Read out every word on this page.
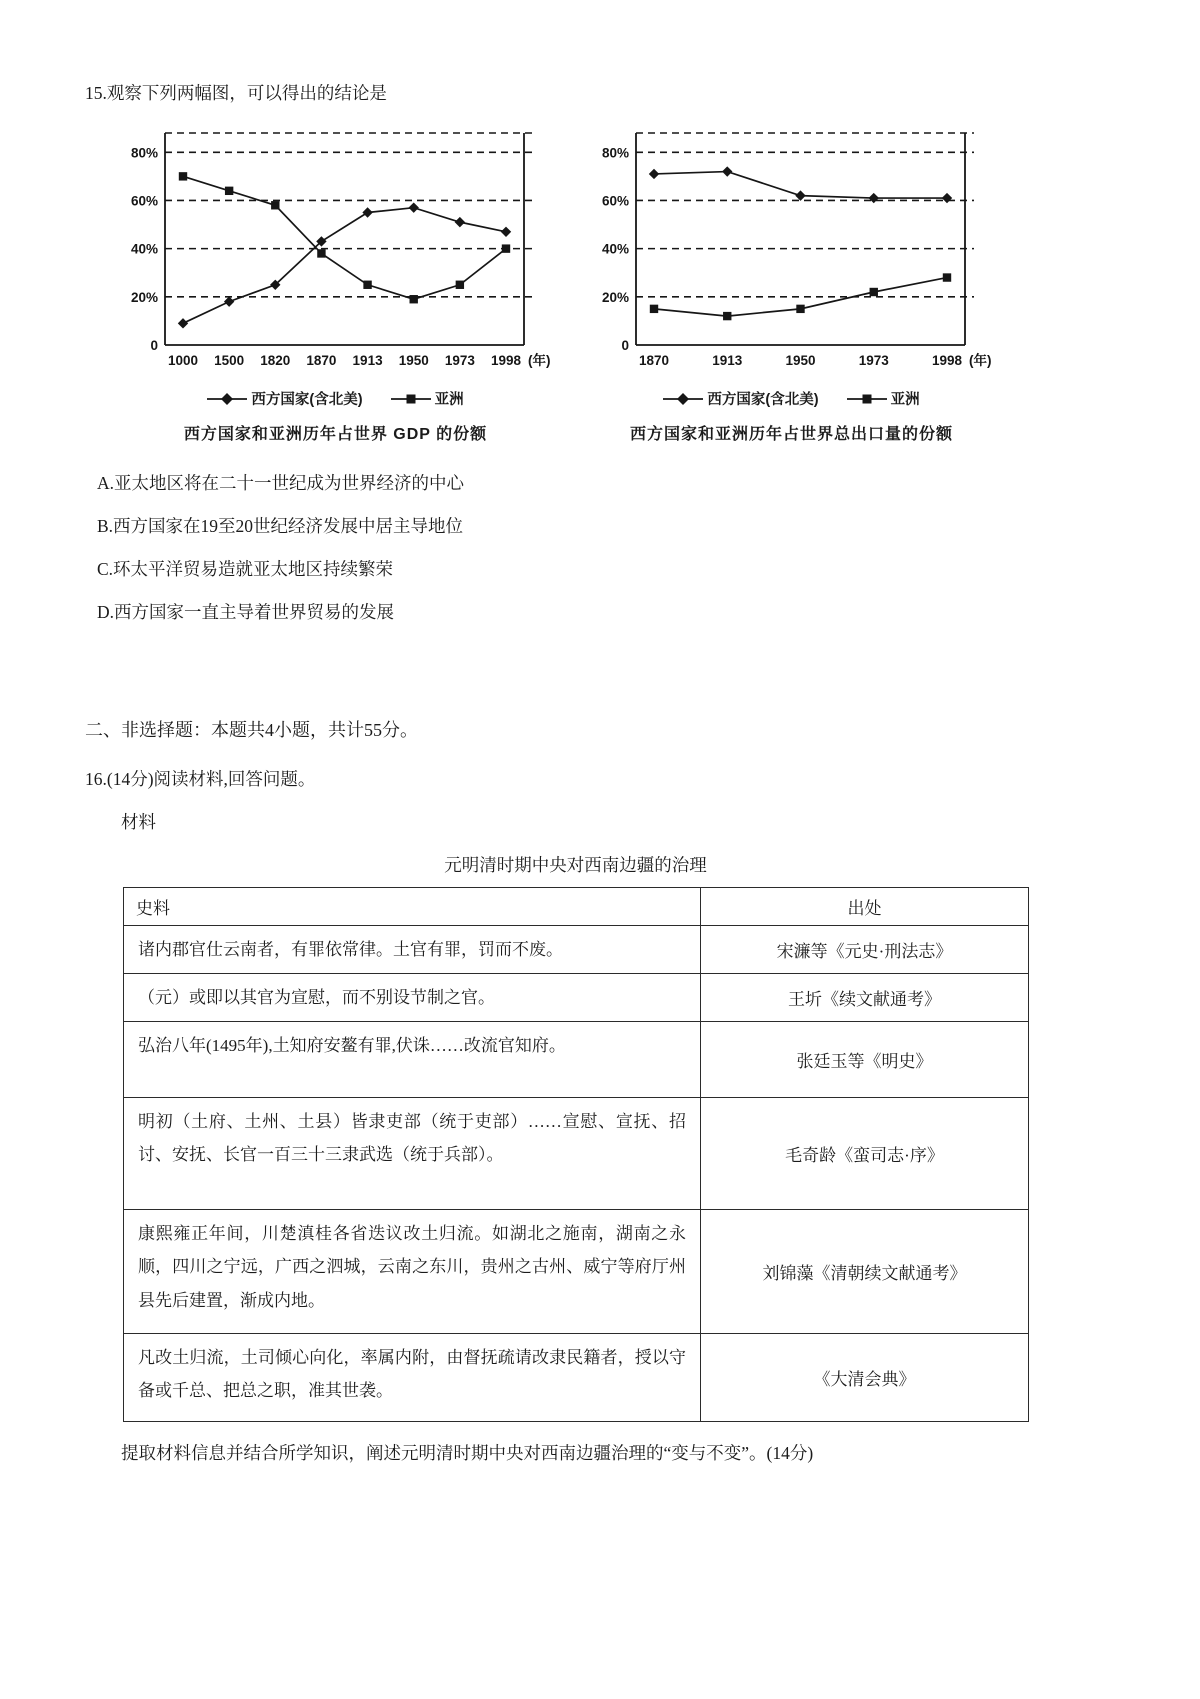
15.观察下列两幅图，可以得出的结论是
0
20%
40%
60%
80%
1000 1500 1820 1870 1913 1950 1973 1998 (年)
西方国家(含北美)	亚洲
西方国家和亚洲历年占世界 GDP 的份额
0
20%
40%
60%
80%
1870	1913	1950	1973	1998 (年)
西方国家(含北美)	亚洲
西方国家和亚洲历年占世界总出口量的份额
A.亚太地区将在二十一世纪成为世界经济的中心
B.西方国家在19至20世纪经济发展中居主导地位
C.环太平洋贸易造就亚太地区持续繁荣
D.西方国家一直主导着世界贸易的发展
二、非选择题：本题共4小题，共计55分。
16.(14分)阅读材料,回答问题。
材料
元明清时期中央对西南边疆的治理
史料	出处
诸内郡官仕云南者，有罪依常律。土官有罪，罚而不废。	宋濂等《元史·刑法志》
（元）或即以其官为宣慰，而不别设节制之官。	王圻《续文献通考》
弘治八年(1495年),土知府安鳌有罪,伏诛……改流官知府。	张廷玉等《明史》
明初（土府、土州、土县）皆隶吏部（统于吏部）……宣慰、宣抚、招讨、安抚、长官一百三十三隶武选（统于兵部）。	毛奇龄《蛮司志·序》
康熙雍正年间，川楚滇桂各省迭议改土归流。如湖北之施南，湖南之永顺，四川之宁远，广西之泗城，云南之东川，贵州之古州、威宁等府厅州县先后建置，渐成内地。	刘锦藻《清朝续文献通考》
凡改土归流，土司倾心向化，率属内附，由督抚疏请改隶民籍者，授以守备或千总、把总之职，准其世袭。	《大清会典》
提取材料信息并结合所学知识，阐述元明清时期中央对西南边疆治理的“变与不变”。(14分)
